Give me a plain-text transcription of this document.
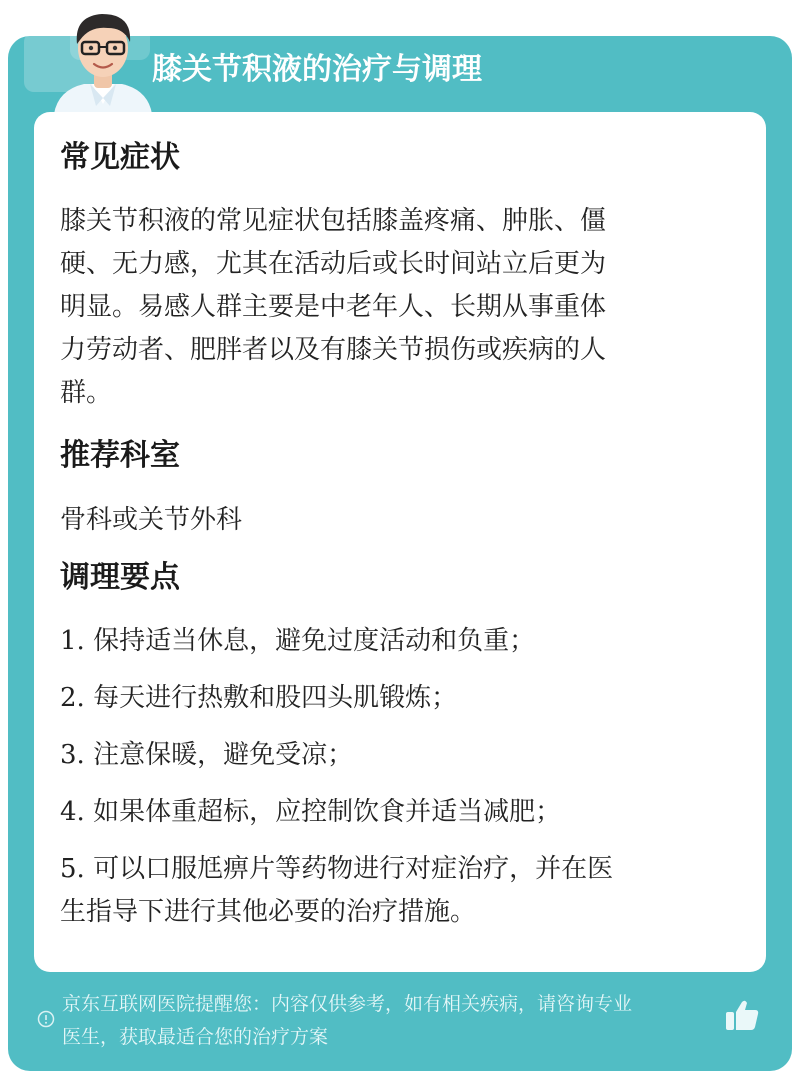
膝关节积液的治疗与调理
常见症状

膝关节积液的常见症状包括膝盖疼痛、肿胀、僵

硬、无力感，尤其在活动后或长时间站立后更为

明显。易感人群主要是中老年人、长期从事重体

力劳动者、肥胖者以及有膝关节损伤或疾病的人

群。

推荐科室
骨科或关节外科
调理要点
1. 保持适当休息，避免过度活动和负重；
2. 每天进行热敷和股四头肌锻炼；
3. 注意保暖，避免受凉；
4. 如果体重超标，应控制饮食并适当减肥；
5. 可以口服尪痹片等药物进行对症治疗，并在医
生指导下进行其他必要的治疗措施。
京东互联网医院提醒您：内容仅供参考，如有相关疾病，请咨询专业
医生，获取最适合您的治疗方案
